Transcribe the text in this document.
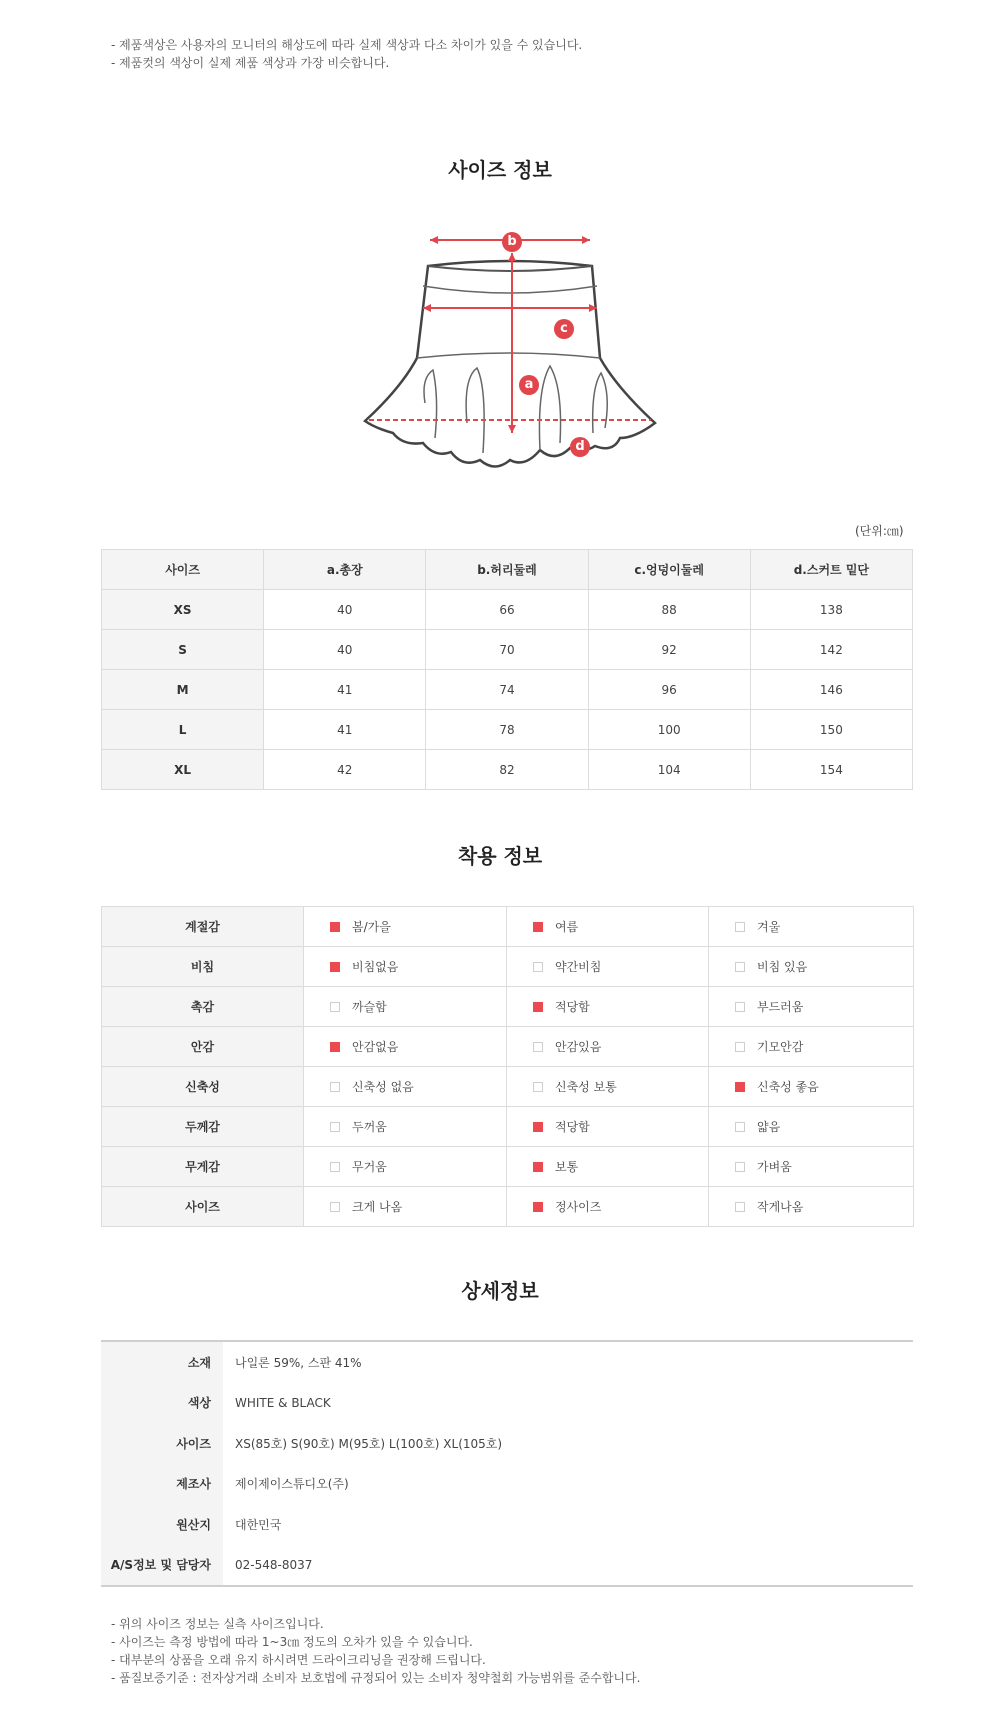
- 제품색상은 사용자의 모니터의 해상도에 따라 실제 색상과 다소 차이가 있을 수 있습니다.
- 제품컷의 색상이 실제 제품 색상과 가장 비슷합니다.
사이즈 정보
b
c
a
d
(단위:㎝)
사이즈	a.총장	b.허리둘레	c.엉덩이둘레	d.스커트 밑단
XS	40	66	88	138
S	40	70	92	142
M	41	74	96	146
L	41	78	100	150
XL	42	82	104	154
착용 정보
계절감	봄/가을	여름	겨울
비침	비침없음	약간비침	비침 있음
촉감	까슬함	적당함	부드러움
안감	안감없음	안감있음	기모안감
신축성	신축성 없음	신축성 보통	신축성 좋음
두께감	두꺼움	적당함	얇음
무게감	무거움	보통	가벼움
사이즈	크게 나옴	정사이즈	작게나옴
상세정보
소재	나일론 59%, 스판 41%
색상	WHITE & BLACK
사이즈	XS(85호) S(90호) M(95호) L(100호) XL(105호)
제조사	제이제이스튜디오(주)
원산지	대한민국
A/S정보 및 담당자	02-548-8037
- 위의 사이즈 정보는 실측 사이즈입니다.
- 사이즈는 측정 방법에 따라 1~3㎝ 정도의 오차가 있을 수 있습니다.
- 대부분의 상품을 오래 유지 하시려면 드라이크리닝을 권장해 드립니다.
- 품질보증기준 : 전자상거래 소비자 보호법에 규정되어 있는 소비자 청약철회 가능범위를 준수합니다.
